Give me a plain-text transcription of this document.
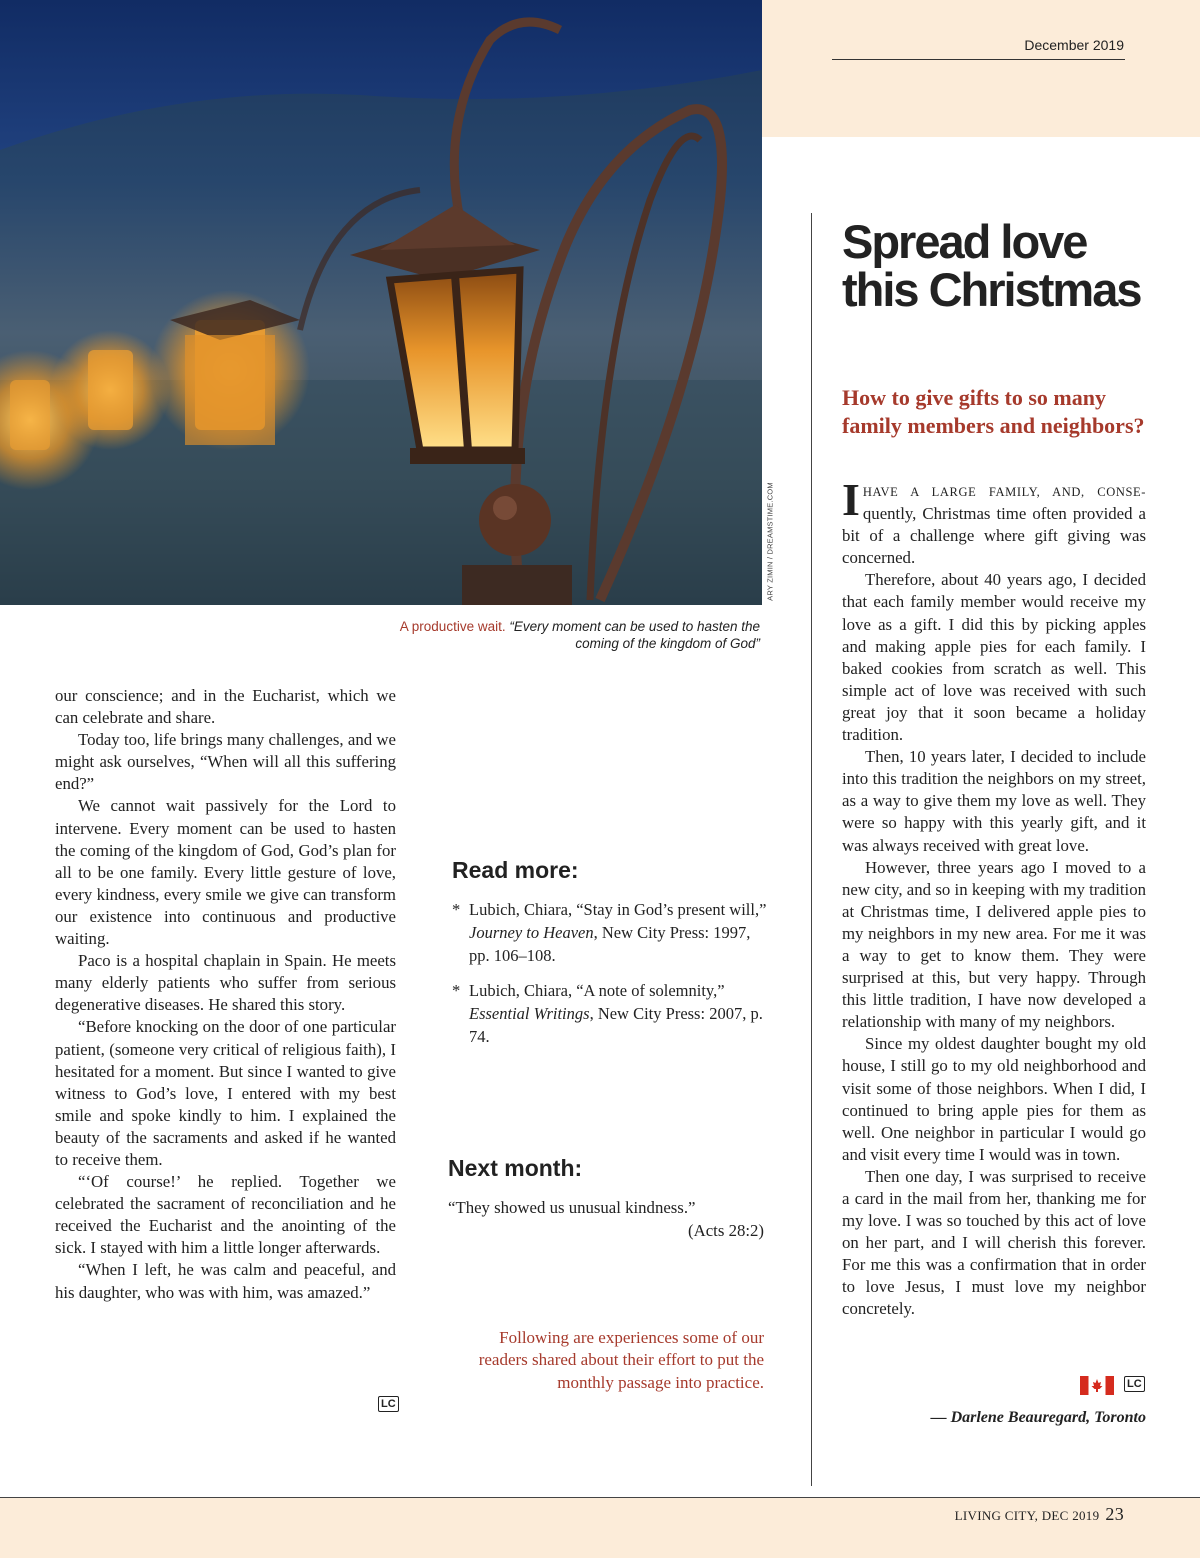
ARY ZIMIN / DREAMSTIME.COM
December 2019
A productive wait. “Every moment can be used to hasten the coming of the kingdom of God”

our conscience; and in the Eucharist, which we can celebrate and share.

Today too, life brings many challenges, and we might ask ourselves, “When will all this suffering end?”

We cannot wait passively for the Lord to intervene. Every moment can be used to hasten the coming of the kingdom of God, God’s plan for all to be one family. Every little gesture of love, every kindness, every smile we give can transform our existence into continuous and productive waiting.

Paco is a hospital chaplain in Spain. He meets many elderly patients who suffer from serious degenerative diseases. He shared this story.

“Before knocking on the door of one particular patient, (someone very critical of religious faith), I hesitated for a moment. But since I wanted to give witness to God’s love, I entered with my best smile and spoke kindly to him. I explained the beauty of the sacraments and asked if he wanted to receive them.

“‘Of course!’ he replied. Together we celebrated the sacrament of reconciliation and he received the Eucharist and the anointing of the sick. I stayed with him a little longer afterwards.

“When I left, he was calm and peaceful, and his daughter, who was with him, was amazed.”

LC
Read more:
* Lubich, Chiara, “Stay in God’s present will,” Journey to Heaven, New City Press: 1997, pp. 106–108.
* Lubich, Chiara, “A note of solemnity,” Essential Writings, New City Press: 2007, p. 74.
Next month:
“They showed us unusual kindness.”
(Acts 28:2)
Following are experiences some of our readers shared about their effort to put the monthly passage into practice.
Spread love this Christmas
How to give gifts to so many family members and neighbors?

IHAVE A LARGE FAMILY, AND, CONSE- quently, Christmas time often provided a bit of a challenge where gift giving was concerned.

Therefore, about 40 years ago, I decided that each family member would receive my love as a gift. I did this by picking apples and making apple pies for each family. I baked cookies from scratch as well. This simple act of love was received with such great joy that it soon became a holiday tradition.

Then, 10 years later, I decided to include into this tradition the neighbors on my street, as a way to give them my love as well. They were so happy with this yearly gift, and it was always received with great love.

However, three years ago I moved to a new city, and so in keeping with my tradition at Christmas time, I delivered apple pies to my neighbors in my new area. For me it was a way to get to know them. They were surprised at this, but very happy. Through this little tradition, I have now developed a relationship with many of my neighbors.

Since my oldest daughter bought my old house, I still go to my old neighborhood and visit some of those neighbors. When I did, I continued to bring apple pies for them as well. One neighbor in particular I would go and visit every time I would was in town.

Then one day, I was surprised to receive a card in the mail from her, thanking me for my love. I was so touched by this act of love on her part, and I will cherish this forever. For me this was a confirmation that in order to love Jesus, I must love my neighbor concretely.

LC
— Darlene Beauregard, Toronto
LIVING CITY, DEC 2019 23
